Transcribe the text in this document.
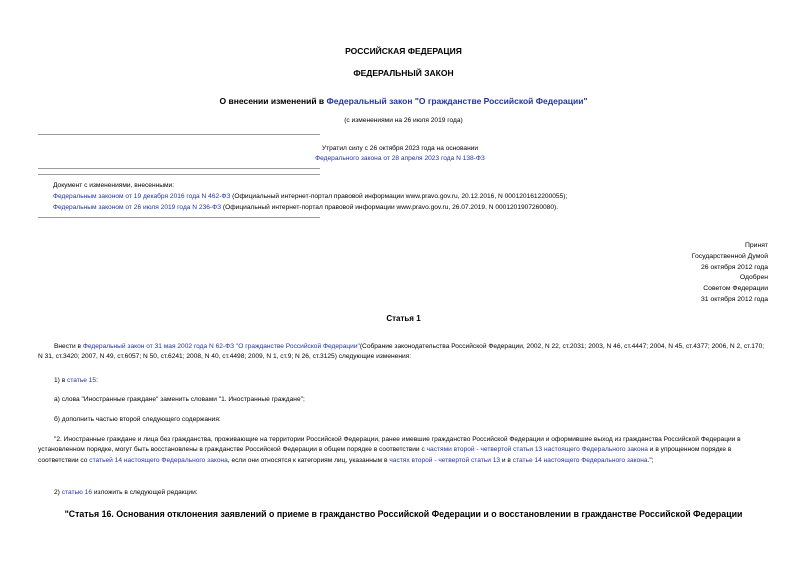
РОССИЙСКАЯ ФЕДЕРАЦИЯ
ФЕДЕРАЛЬНЫЙ ЗАКОН
О внесении изменений в Федеральный закон "О гражданстве Российской Федерации"
(с изменениями на 26 июля 2019 года)
Утратил силу с 26 октября 2023 года на основании
Федерального закона от 28 апреля 2023 года N 138-ФЗ
Документ с изменениями, внесенными:
Федеральным законом от 19 декабря 2016 года N 462-ФЗ (Официальный интернет-портал правовой информации www.pravo.gov.ru, 20.12.2016, N 0001201612200055);
Федеральным законом от 26 июля 2019 года N 236-ФЗ (Официальный интернет-портал правовой информации www.pravo.gov.ru, 26.07.2019, N 0001201907260080).
Принят
Государственной Думой
26 октября 2012 года
Одобрен
Советом Федерации
31 октября 2012 года
Статья 1
Внести в Федеральный закон от 31 мая 2002 года N 62-ФЗ "О гражданстве Российской Федерации"(Собрание законодательства Российской Федерации, 2002, N 22, ст.2031; 2003, N 46, ст.4447; 2004, N 45, ст.4377; 2006, N 2, ст.170; N 31, ст.3420; 2007, N 49, ст.6057; N 50, ст.6241; 2008, N 40, ст.4498; 2009, N 1, ст.9; N 26, ст.3125) следующие изменения:
1) в статье 15:
а) слова "Иностранные граждане" заменить словами "1. Иностранные граждане";
б) дополнить частью второй следующего содержания:
"2. Иностранные граждане и лица без гражданства, проживающие на территории Российской Федерации, ранее имевшие гражданство Российской Федерации и оформившие выход из гражданства Российской Федерации в установленном порядке, могут быть восстановлены в гражданстве Российской Федерации в общем порядке в соответствии с частями второй - четвертой статьи 13 настоящего Федерального закона и в упрощенном порядке в соответствии со статьей 14 настоящего Федерального закона, если они относятся к категориям лиц, указанным в частях второй - четвертой статьи 13 и в статье 14 настоящего Федерального закона.";
2) статью 16 изложить в следующей редакции:
"Статья 16. Основания отклонения заявлений о приеме в гражданство Российской Федерации и о восстановлении в гражданстве Российской Федерации
